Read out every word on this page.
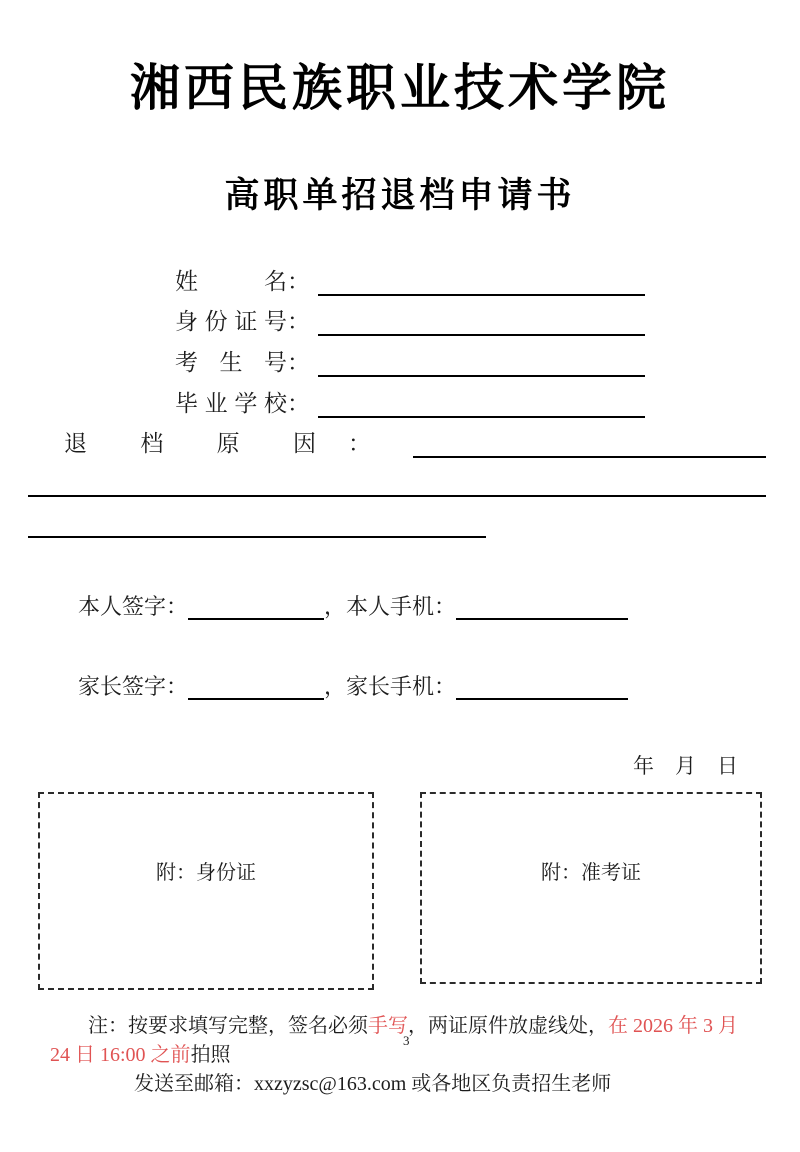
湘西民族职业技术学院
高职单招退档申请书
姓名 ：
身份证号 ：
考生号 ：
毕业学校 ：
退档原因 ：
本人签字：	，本人手机：
家长签字：	，家长手机：
年　月　日
附：身份证	附：准考证
注：按要求填写完整，签名必须手写，两证原件放虚线处，在 2026 年 3 月
24 日 16:00 之前拍照
发送至邮箱：xxzyzsc@163.com 或各地区负责招生老师
3
